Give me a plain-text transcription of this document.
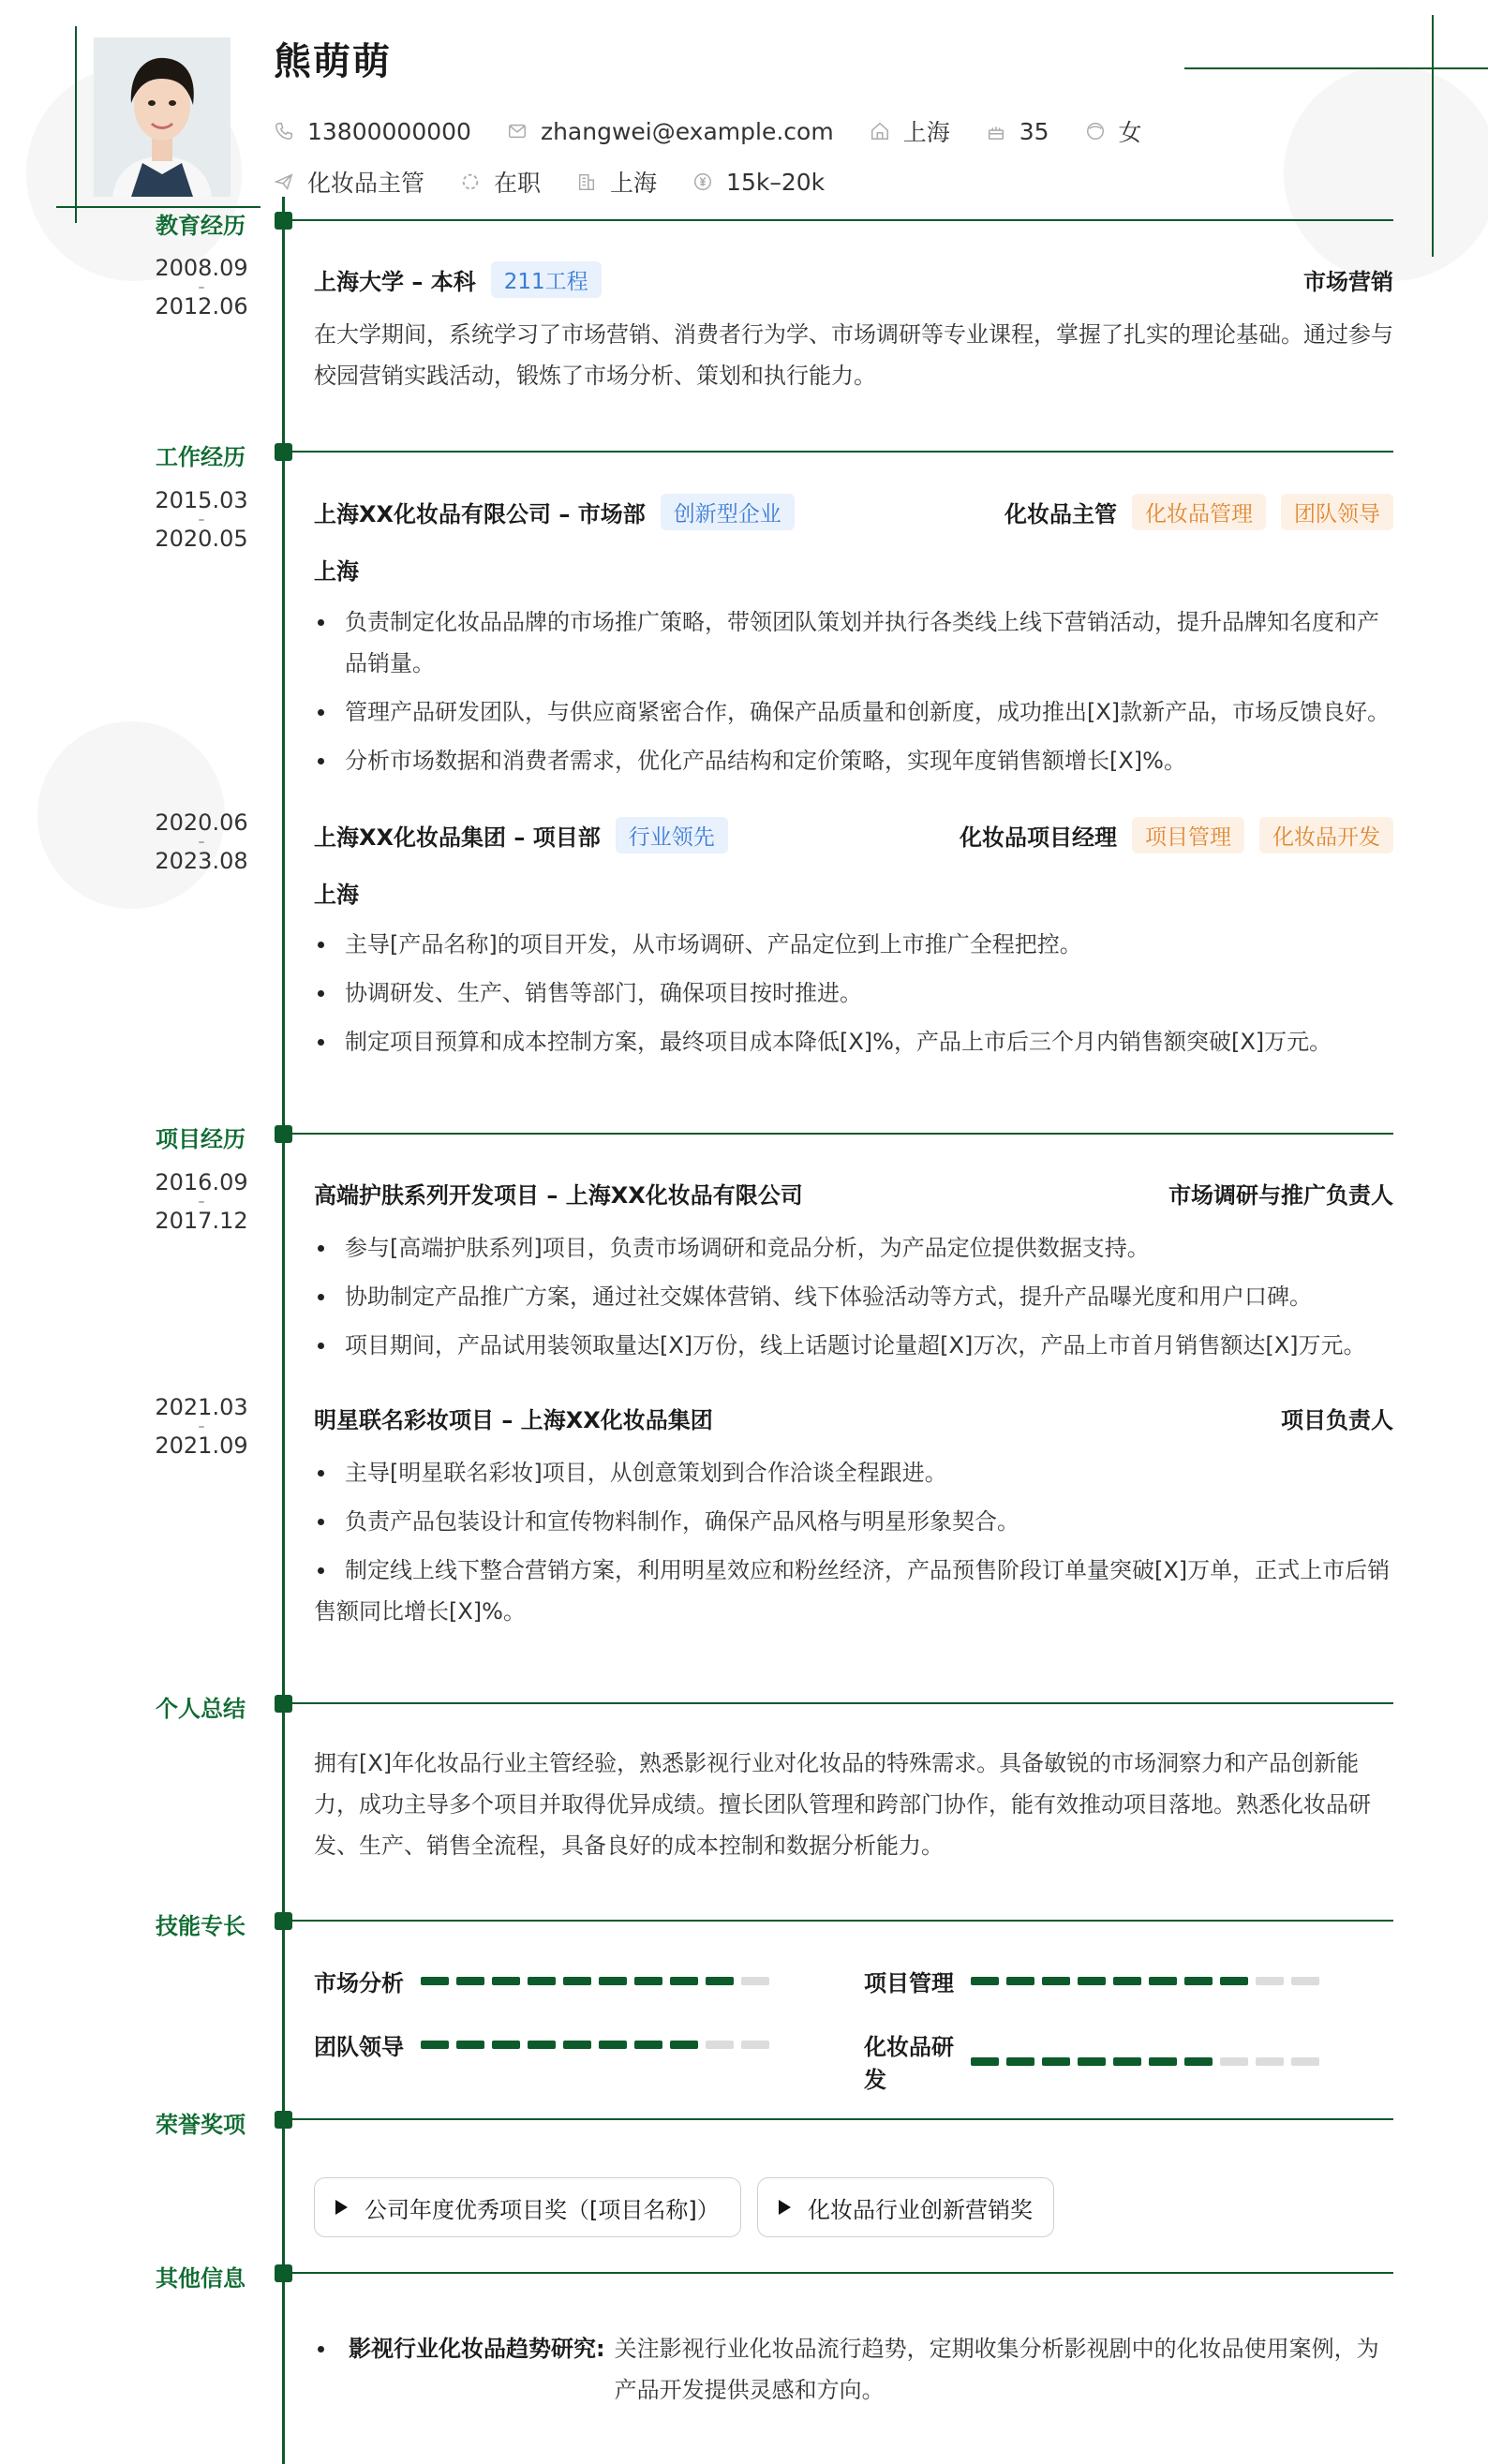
熊萌萌
13800000000	zhangwei@example.com	上海	35	女
化妆品主管	在职	上海	15k–20k
教育经历
2008.09
–
2012.06
上海大学 – 本科	211工程	市场营销
在大学期间，系统学习了市场营销、消费者行为学、市场调研等专业课程，掌握了扎实的理论基础。通过参与校园营销实践活动，锻炼了市场分析、策划和执行能力。
工作经历
2015.03
–
2020.05
上海XX化妆品有限公司 – 市场部	创新型企业	化妆品主管	化妆品管理	团队领导
上海
负责制定化妆品品牌的市场推广策略，带领团队策划并执行各类线上线下营销活动，提升品牌知名度和产品销量。
管理产品研发团队，与供应商紧密合作，确保产品质量和创新度，成功推出[X]款新产品，市场反馈良好。
分析市场数据和消费者需求，优化产品结构和定价策略，实现年度销售额增长[X]%。
2020.06
–
2023.08
上海XX化妆品集团 – 项目部	行业领先	化妆品项目经理	项目管理	化妆品开发
上海
主导[产品名称]的项目开发，从市场调研、产品定位到上市推广全程把控。
协调研发、生产、销售等部门，确保项目按时推进。
制定项目预算和成本控制方案，最终项目成本降低[X]%，产品上市后三个月内销售额突破[X]万元。
项目经历
2016.09
–
2017.12
高端护肤系列开发项目 – 上海XX化妆品有限公司	市场调研与推广负责人
参与[高端护肤系列]项目，负责市场调研和竞品分析，为产品定位提供数据支持。
协助制定产品推广方案，通过社交媒体营销、线下体验活动等方式，提升产品曝光度和用户口碑。
项目期间，产品试用装领取量达[X]万份，线上话题讨论量超[X]万次，产品上市首月销售额达[X]万元。
2021.03
–
2021.09
明星联名彩妆项目 – 上海XX化妆品集团	项目负责人
主导[明星联名彩妆]项目，从创意策划到合作洽谈全程跟进。
负责产品包装设计和宣传物料制作，确保产品风格与明星形象契合。
制定线上线下整合营销方案，利用明星效应和粉丝经济，产品预售阶段订单量突破[X]万单，正式上市后销售额同比增长[X]%。
个人总结
拥有[X]年化妆品行业主管经验，熟悉影视行业对化妆品的特殊需求。具备敏锐的市场洞察力和产品创新能力，成功主导多个项目并取得优异成绩。擅长团队管理和跨部门协作，能有效推动项目落地。熟悉化妆品研发、生产、销售全流程，具备良好的成本控制和数据分析能力。
技能专长
市场分析	项目管理
团队领导	化妆品研发
荣誉奖项
公司年度优秀项目奖（[项目名称]）	化妆品行业创新营销奖
其他信息
影视行业化妆品趋势研究: 关注影视行业化妆品流行趋势，定期收集分析影视剧中的化妆品使用案例，为产品开发提供灵感和方向。
